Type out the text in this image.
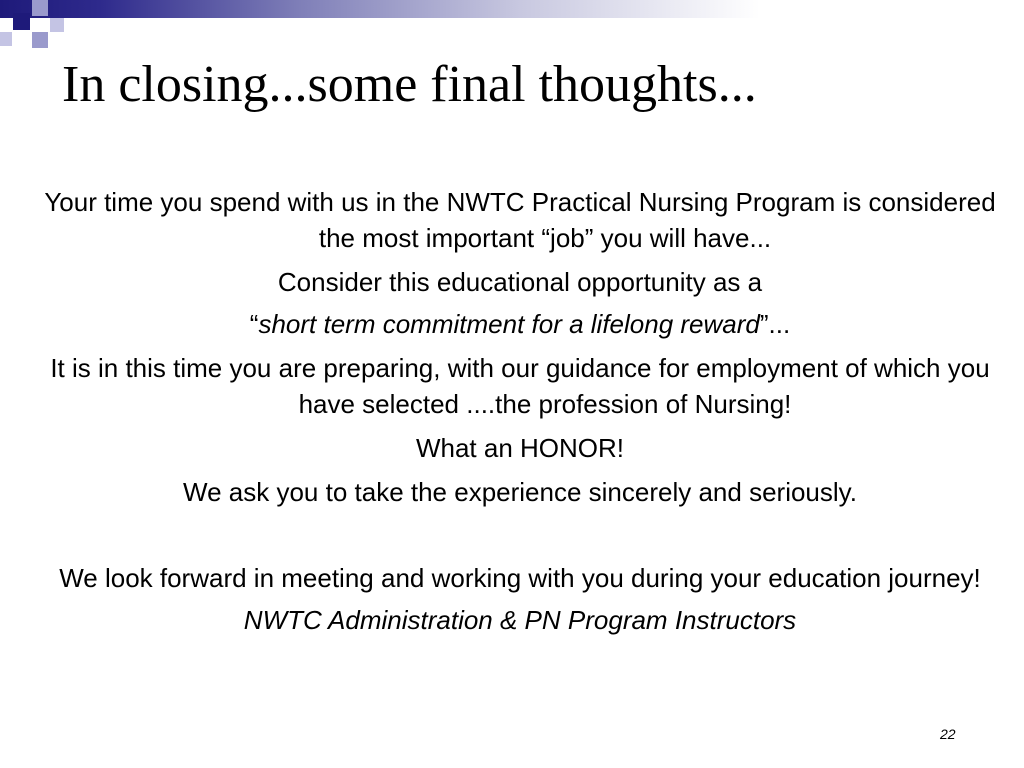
In closing...some final thoughts...

Your time you spend with us in the NWTC Practical Nursing Program is considered the most important “job” you will have...

Consider this educational opportunity as a

“short term commitment for a lifelong reward”...

It is in this time you are preparing, with our guidance for employment of which you have selected ....the profession of Nursing!

What an HONOR!

We ask you to take the experience sincerely and seriously.

We look forward in meeting and working with you during your education journey!

NWTC Administration & PN Program Instructors

22
